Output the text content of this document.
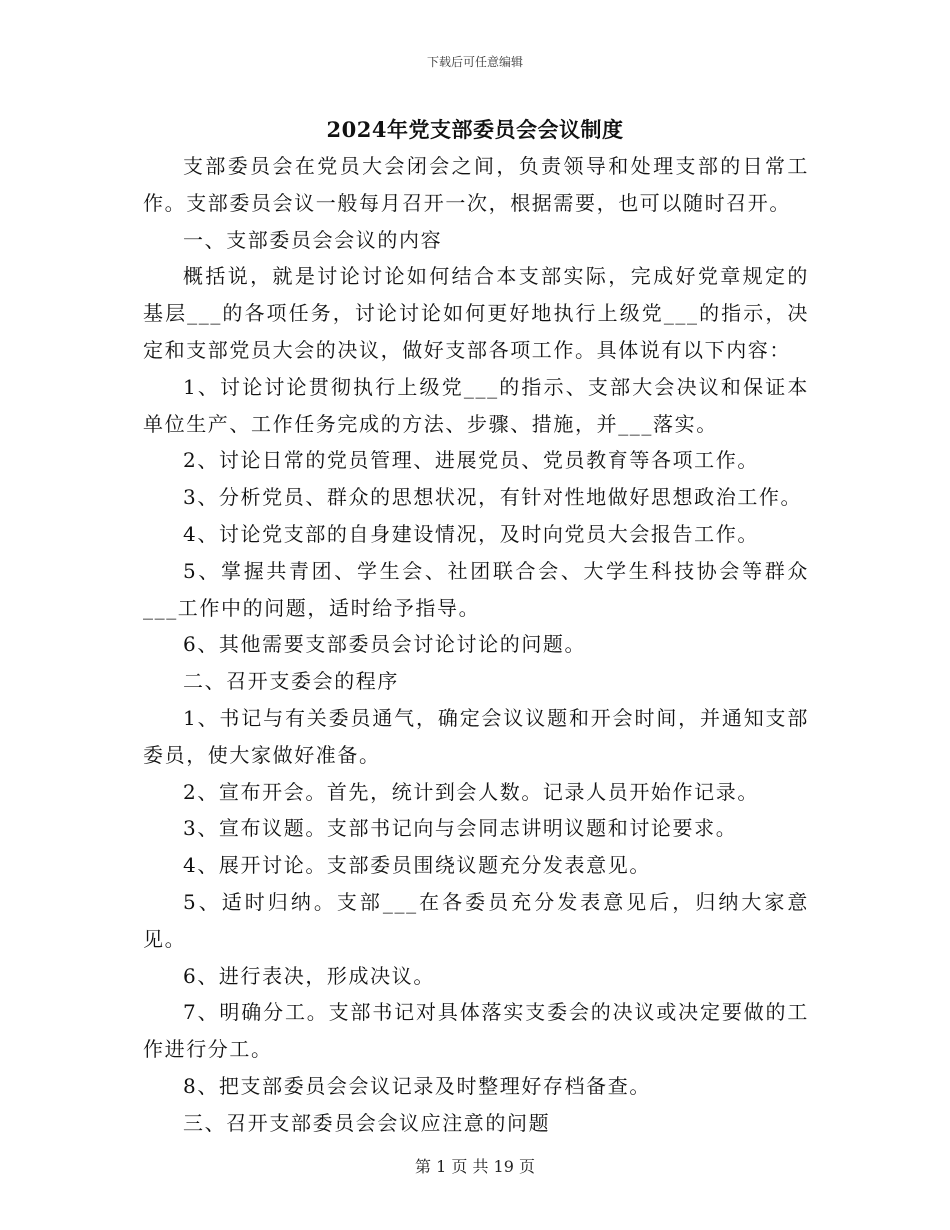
下载后可任意编辑
2024年党支部委员会会议制度

支部委员会在党员大会闭会之间，负责领导和处理支部的日常工作。支部委员会议一般每月召开一次，根据需要，也可以随时召开。

一、支部委员会会议的内容

概括说，就是讨论讨论如何结合本支部实际，完成好党章规定的基层___的各项任务，讨论讨论如何更好地执行上级党___的指示，决定和支部党员大会的决议，做好支部各项工作。具体说有以下内容：

1、讨论讨论贯彻执行上级党___的指示、支部大会决议和保证本单位生产、工作任务完成的方法、步骤、措施，并___落实。

2、讨论日常的党员管理、进展党员、党员教育等各项工作。

3、分析党员、群众的思想状况，有针对性地做好思想政治工作。

4、讨论党支部的自身建设情况，及时向党员大会报告工作。

5、掌握共青团、学生会、社团联合会、大学生科技协会等群众___工作中的问题，适时给予指导。

6、其他需要支部委员会讨论讨论的问题。

二、召开支委会的程序

1、书记与有关委员通气，确定会议议题和开会时间，并通知支部委员，使大家做好准备。

2、宣布开会。首先，统计到会人数。记录人员开始作记录。

3、宣布议题。支部书记向与会同志讲明议题和讨论要求。

4、展开讨论。支部委员围绕议题充分发表意见。

5、适时归纳。支部___在各委员充分发表意见后，归纳大家意见。

6、进行表决，形成决议。

7、明确分工。支部书记对具体落实支委会的决议或决定要做的工作进行分工。

8、把支部委员会会议记录及时整理好存档备查。

三、召开支部委员会会议应注意的问题

第 1 页 共 19 页
